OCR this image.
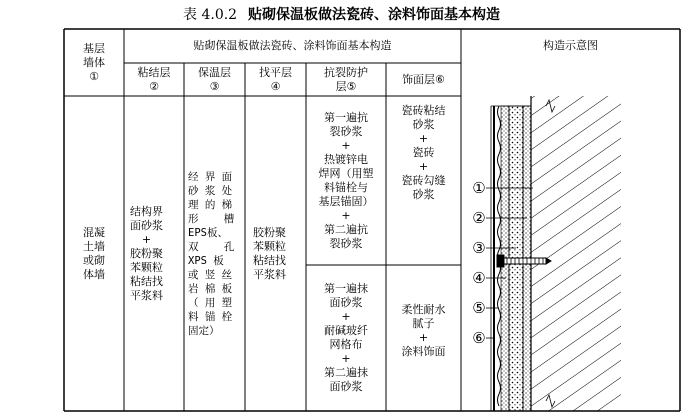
表 4.0.2 贴砌保温板做法瓷砖、涂料饰面基本构造
基层
墙体
①
贴砌保温板做法瓷砖、涂料饰面基本构造	构造示意图
粘结层
②
保温层
③
找平层
④
抗裂防护
层⑤
饰面层⑥
混凝
土墙
或砌
体墙
结构界
面砂浆
+
胶粉聚
苯颗粒
粘结找
平浆料
经 界 面
砂 浆 处
理 的 梯
形    槽
EPS板、
双    孔
XPS 板
或 竖 丝
岩 棉 板
（ 用 塑
料 锚 栓
固定）
胶粉聚
苯颗粒
粘结找
平浆料
第一遍抗
裂砂浆
+
热镀锌电
焊网（用塑
料锚栓与
基层锚固）
+
第二遍抗
裂砂浆
瓷砖粘结
砂浆
+
瓷砖
+
瓷砖勾缝
砂浆
第一遍抹
面砂浆
+
耐碱玻纤
网格布
+
第二遍抹
面砂浆
柔性耐水
腻子
+
涂料饰面
①
②
③
④
⑤
⑥
